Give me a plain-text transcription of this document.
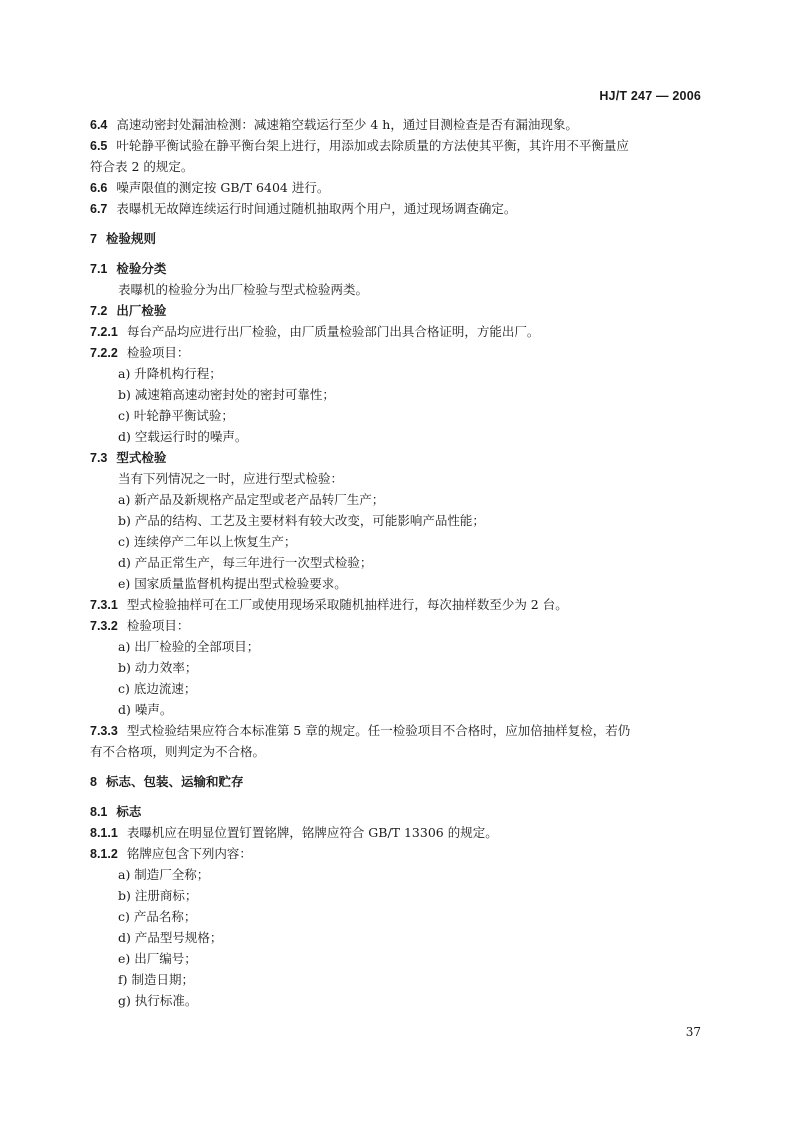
HJ/T 247 — 2006
6.4 高速动密封处漏油检测：减速箱空载运行至少 4 h，通过目测检查是否有漏油现象。
6.5 叶轮静平衡试验在静平衡台架上进行，用添加或去除质量的方法使其平衡，其许用不平衡量应
符合表 2 的规定。
6.6 噪声限值的测定按 GB/T 6404 进行。
6.7 表曝机无故障连续运行时间通过随机抽取两个用户，通过现场调查确定。
7 检验规则
7.1 检验分类
表曝机的检验分为出厂检验与型式检验两类。
7.2 出厂检验
7.2.1 每台产品均应进行出厂检验，由厂质量检验部门出具合格证明，方能出厂。
7.2.2 检验项目：
a) 升降机构行程；
b) 减速箱高速动密封处的密封可靠性；
c) 叶轮静平衡试验；
d) 空载运行时的噪声。
7.3 型式检验
当有下列情况之一时，应进行型式检验：
a) 新产品及新规格产品定型或老产品转厂生产；
b) 产品的结构、工艺及主要材料有较大改变，可能影响产品性能；
c) 连续停产二年以上恢复生产；
d) 产品正常生产，每三年进行一次型式检验；
e) 国家质量监督机构提出型式检验要求。
7.3.1 型式检验抽样可在工厂或使用现场采取随机抽样进行，每次抽样数至少为 2 台。
7.3.2 检验项目：
a) 出厂检验的全部项目；
b) 动力效率；
c) 底边流速；
d) 噪声。
7.3.3 型式检验结果应符合本标准第 5 章的规定。任一检验项目不合格时，应加倍抽样复检，若仍
有不合格项，则判定为不合格。
8 标志、包装、运输和贮存
8.1 标志
8.1.1 表曝机应在明显位置钉置铭牌，铭牌应符合 GB/T 13306 的规定。
8.1.2 铭牌应包含下列内容：
a) 制造厂全称；
b) 注册商标；
c) 产品名称；
d) 产品型号规格；
e) 出厂编号；
f) 制造日期；
g) 执行标准。
37
